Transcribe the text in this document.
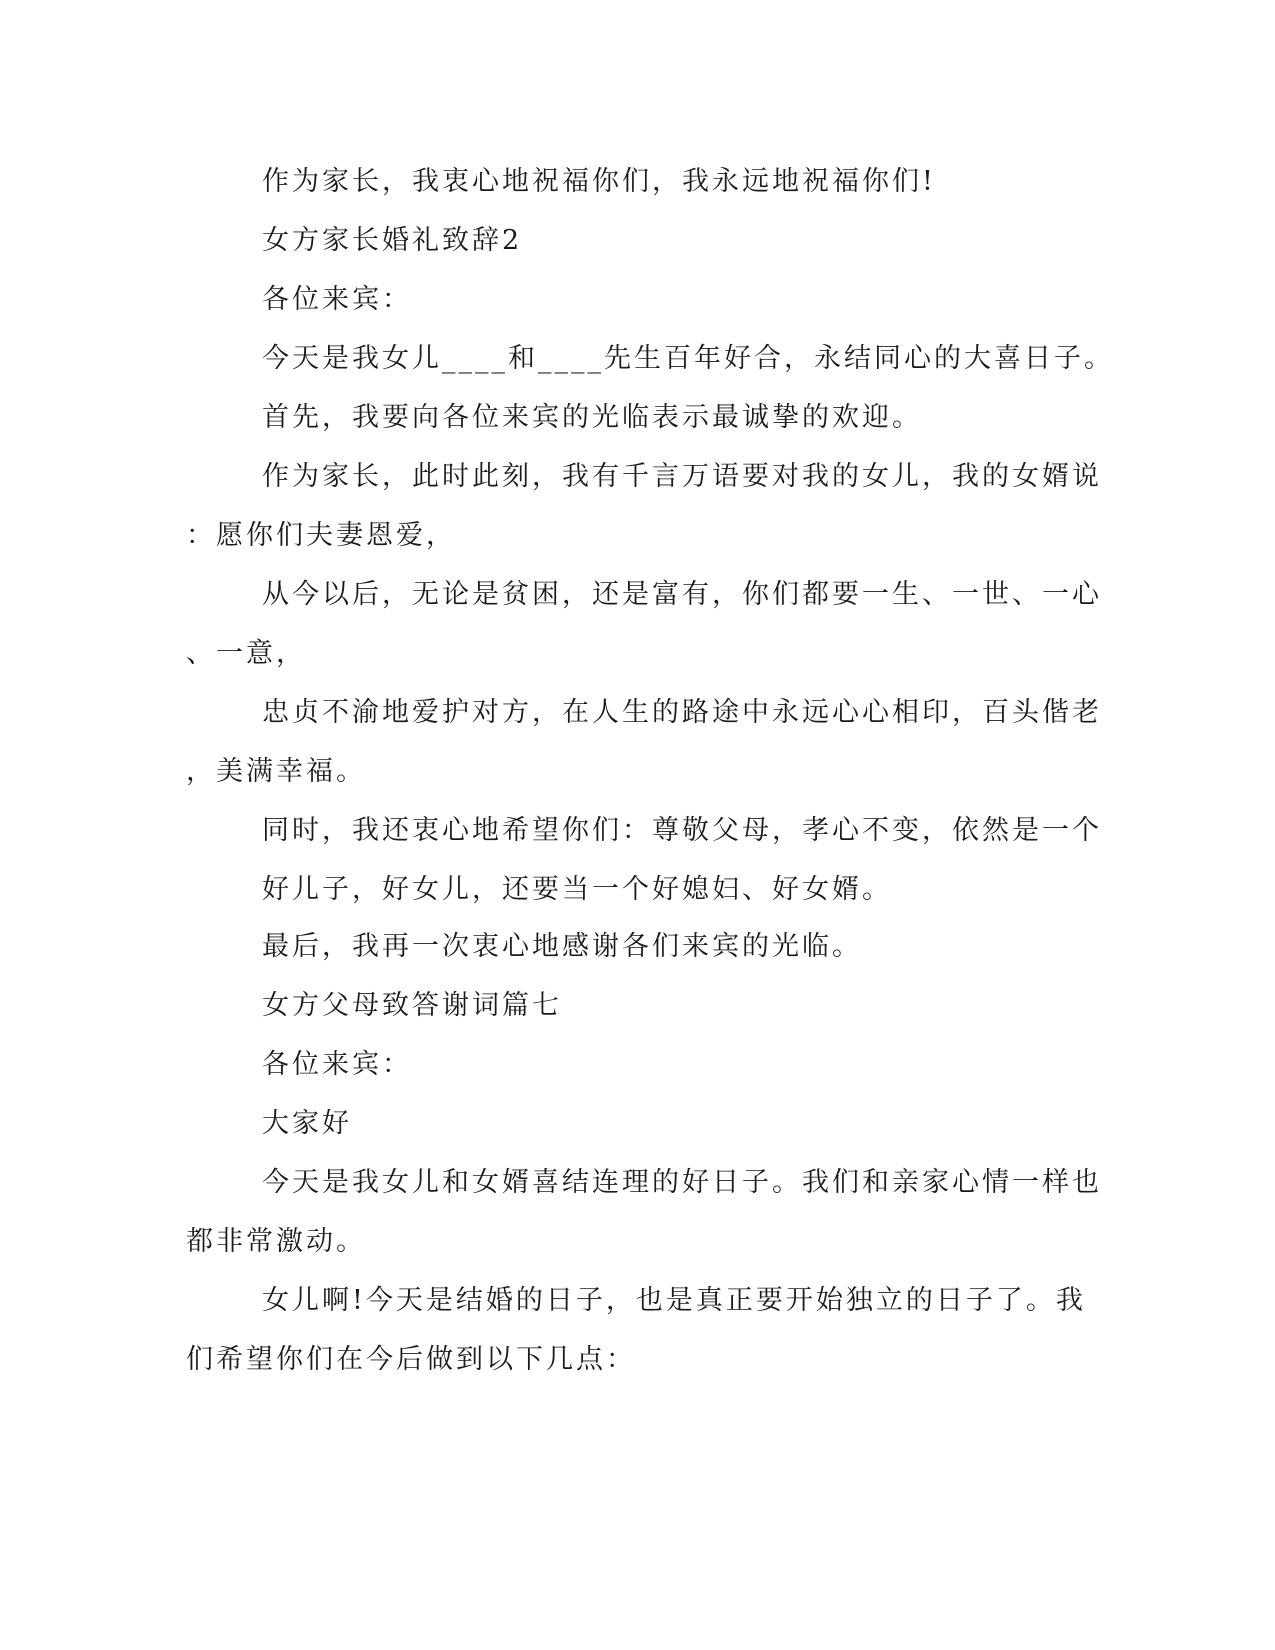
作为家长，我衷心地祝福你们，我永远地祝福你们!
女方家长婚礼致辞2
各位来宾：
今天是我女儿____和____先生百年好合，永结同心的大喜日子。
首先，我要向各位来宾的光临表示最诚挚的欢迎。
作为家长，此时此刻，我有千言万语要对我的女儿，我的女婿说
：愿你们夫妻恩爱，
从今以后，无论是贫困，还是富有，你们都要一生、一世、一心
、一意，
忠贞不渝地爱护对方，在人生的路途中永远心心相印，百头偕老
，美满幸福。
同时，我还衷心地希望你们：尊敬父母，孝心不变，依然是一个
好儿子，好女儿，还要当一个好媳妇、好女婿。
最后，我再一次衷心地感谢各们来宾的光临。
女方父母致答谢词篇七
各位来宾：
大家好
今天是我女儿和女婿喜结连理的好日子。我们和亲家心情一样也
都非常激动。
女儿啊!今天是结婚的日子，也是真正要开始独立的日子了。我
们希望你们在今后做到以下几点：
